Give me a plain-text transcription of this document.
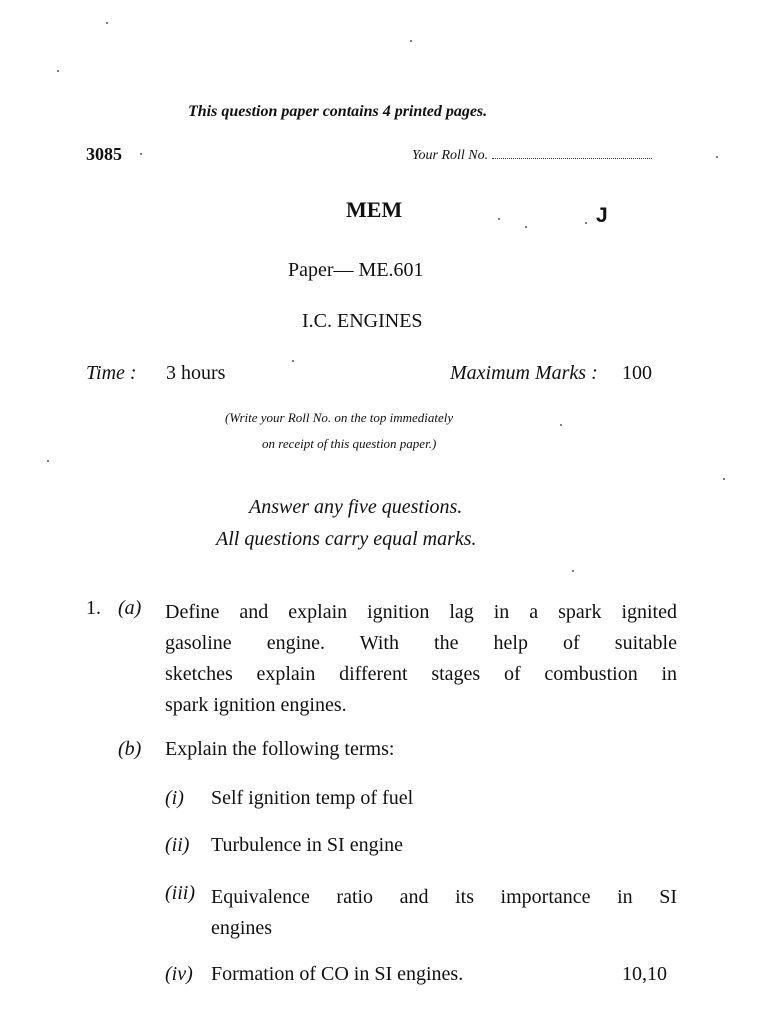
This question paper contains 4 printed pages.
3085	Your Roll No.
MEM	J
Paper— ME.601
I.C. ENGINES
Time : 3 hours	Maximum Marks : 100
(Write your Roll No. on the top immediately
on receipt of this question paper.)
Answer any five questions.
All questions carry equal marks.
1. (a) Define and explain ignition lag in a spark ignited
gasoline engine. With the help of suitable
sketches explain different stages of combustion in
spark ignition engines.
(b) Explain the following terms:
(i) Self ignition temp of fuel
(ii) Turbulence in SI engine
(iii) Equivalence ratio and its importance in SI
engines
(iv) Formation of CO in SI engines.	10,10
